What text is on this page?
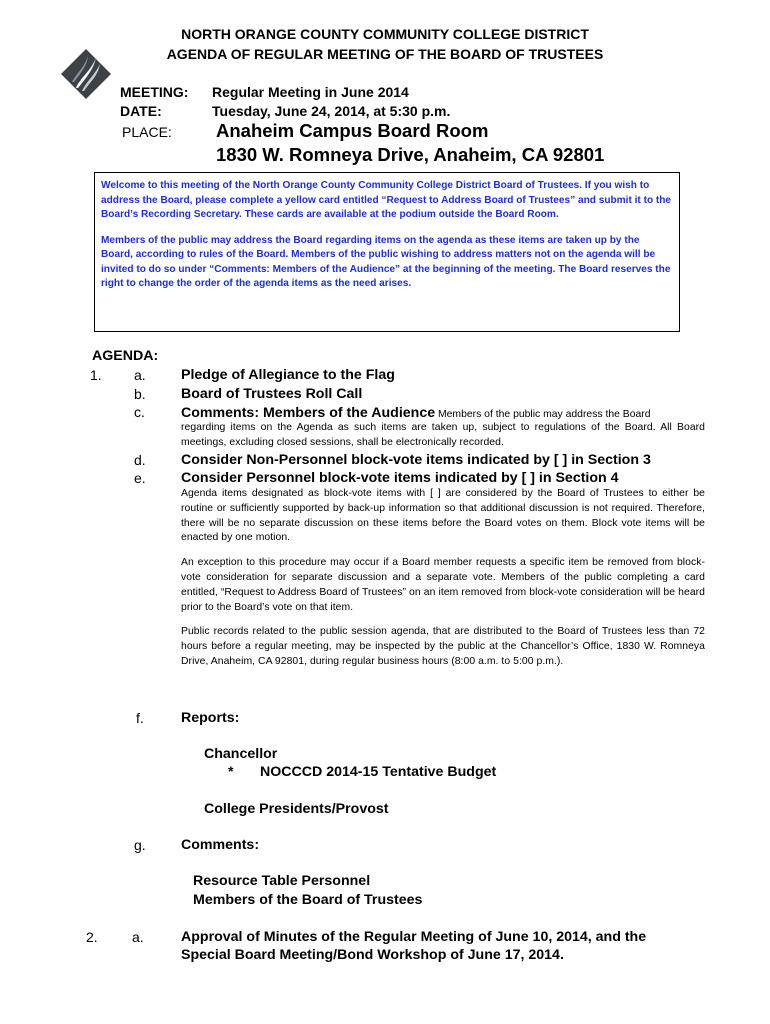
NORTH ORANGE COUNTY COMMUNITY COLLEGE DISTRICT
AGENDA OF REGULAR MEETING OF THE BOARD OF TRUSTEES
MEETING: Regular Meeting in June 2014
DATE:	Tuesday, June 24, 2014, at 5:30 p.m.
PLACE: Anaheim Campus Board Room
1830 W. Romneya Drive, Anaheim, CA 92801

Welcome to this meeting of the North Orange County Community College District Board of Trustees. If you wish to address the Board, please complete a yellow card entitled “Request to Address Board of Trustees” and submit it to the Board’s Recording Secretary. These cards are available at the podium outside the Board Room.

Members of the public may address the Board regarding items on the agenda as these items are taken up by the Board, according to rules of the Board. Members of the public wishing to address matters not on the agenda will be invited to do so under “Comments: Members of the Audience” at the beginning of the meeting. The Board reserves the right to change the order of the agenda items as the need arises.

AGENDA:
1. a. Pledge of Allegiance to the Flag
b. Board of Trustees Roll Call
c.	Comments: Members of the Audience Members of the public may address the Board
regarding items on the Agenda as such items are taken up, subject to regulations of the Board. All Board meetings, excluding closed sessions, shall be electronically recorded.
d. Consider Non-Personnel block-vote items indicated by [ ] in Section 3
e. Consider Personnel block-vote items indicated by [ ] in Section 4

Agenda items designated as block-vote items with [ ] are considered by the Board of Trustees to either be routine or sufficiently supported by back-up information so that additional discussion is not required. Therefore, there will be no separate discussion on these items before the Board votes on them. Block vote items will be enacted by one motion.

An exception to this procedure may occur if a Board member requests a specific item be removed from block-vote consideration for separate discussion and a separate vote. Members of the public completing a card entitled, “Request to Address Board of Trustees” on an item removed from block-vote consideration will be heard prior to the Board’s vote on that item.

Public records related to the public session agenda, that are distributed to the Board of Trustees less than 72 hours before a regular meeting, may be inspected by the public at the Chancellor’s Office, 1830 W. Romneya Drive, Anaheim, CA 92801, during regular business hours (8:00 a.m. to 5:00 p.m.).

f.	Reports:
Chancellor
* NOCCCD 2014-15 Tentative Budget
College Presidents/Provost
g. Comments:
Resource Table Personnel
Members of the Board of Trustees
2. a.	Approval of Minutes of the Regular Meeting of June 10, 2014, and the
Special Board Meeting/Bond Workshop of June 17, 2014.
